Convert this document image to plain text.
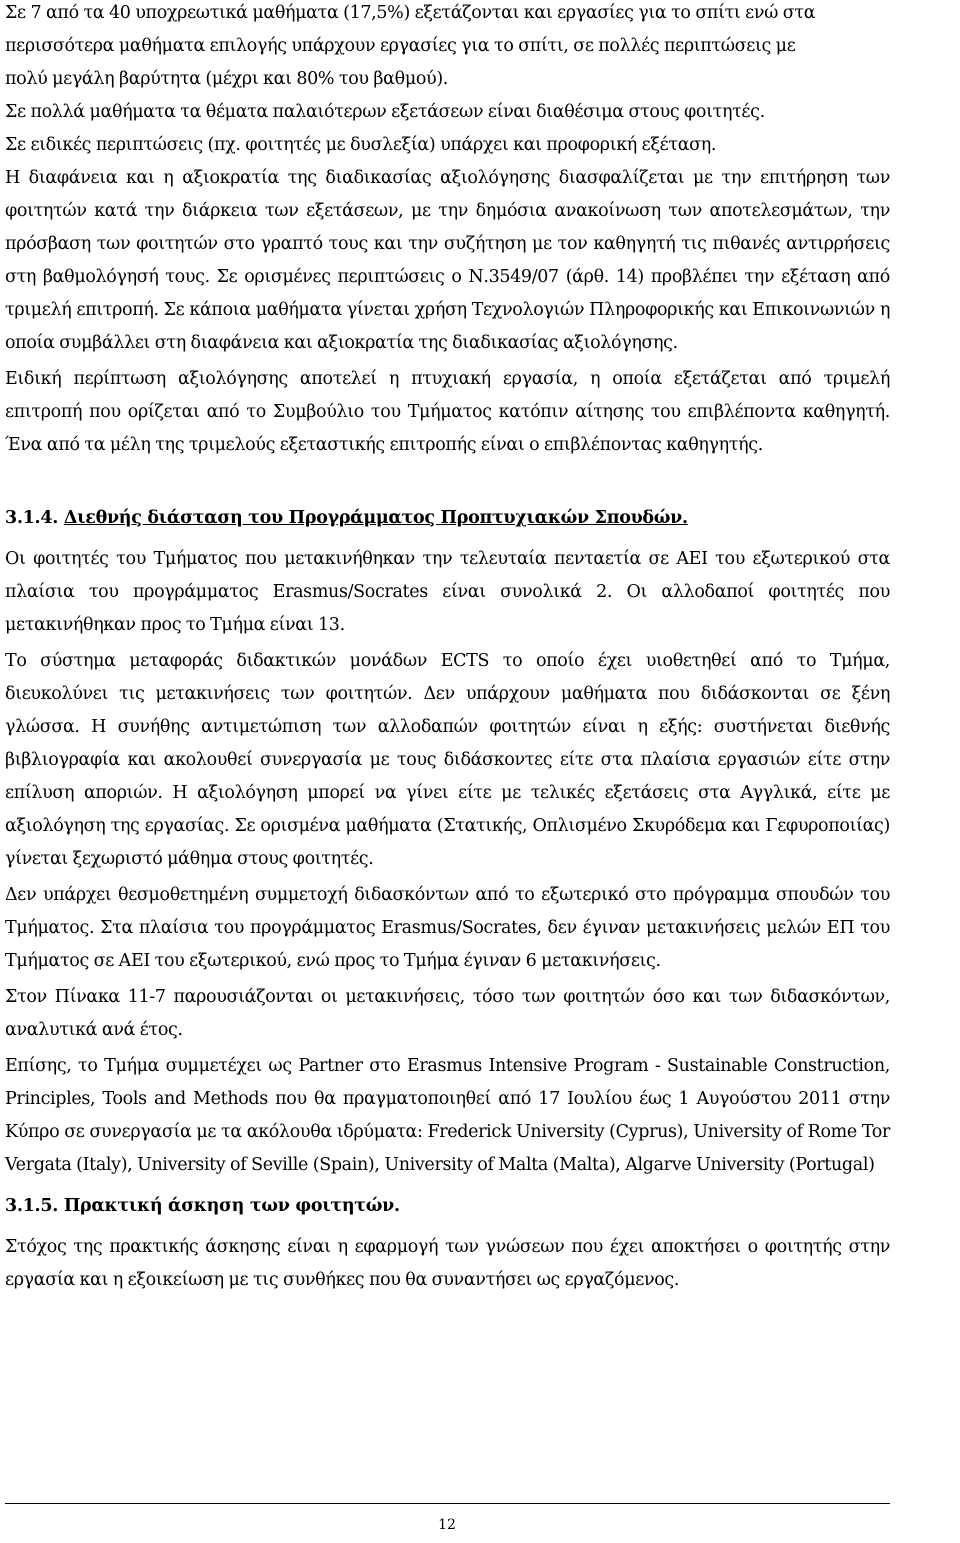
Σε 7 από τα 40 υποχρεωτικά μαθήματα (17,5%) εξετάζονται και εργασίες για το σπίτι ενώ στα
περισσότερα μαθήματα επιλογής υπάρχουν εργασίες για το σπίτι, σε πολλές περιπτώσεις με
πολύ μεγάλη βαρύτητα (μέχρι και 80% του βαθμού).
Σε πολλά μαθήματα τα θέματα παλαιότερων εξετάσεων είναι διαθέσιμα στους φοιτητές.
Σε ειδικές περιπτώσεις (πχ. φοιτητές με δυσλεξία) υπάρχει και προφορική εξέταση.

Η διαφάνεια και η αξιοκρατία της διαδικασίας αξιολόγησης διασφαλίζεται με την επιτήρηση των φοιτητών κατά την διάρκεια των εξετάσεων, με την δημόσια ανακοίνωση των αποτελεσμάτων, την πρόσβαση των φοιτητών στο γραπτό τους και την συζήτηση με τον καθηγητή τις πιθανές αντιρρήσεις στη βαθμολόγησή τους. Σε ορισμένες περιπτώσεις ο Ν.3549/07 (άρθ. 14) προβλέπει την εξέταση από τριμελή επιτροπή. Σε κάποια μαθήματα γίνεται χρήση Τεχνολογιών Πληροφορικής και Επικοινωνιών η οποία συμβάλλει στη διαφάνεια και αξιοκρατία της διαδικασίας αξιολόγησης.

Ειδική περίπτωση αξιολόγησης αποτελεί η πτυχιακή εργασία, η οποία εξετάζεται από τριμελή επιτροπή που ορίζεται από το Συμβούλιο του Τμήματος κατόπιν αίτησης του επιβλέποντα καθηγητή. Ένα από τα μέλη της τριμελούς εξεταστικής επιτροπής είναι ο επιβλέποντας καθηγητής.

3.1.4. Διεθνής διάσταση του Προγράμματος Προπτυχιακών Σπουδών.

Οι φοιτητές του Τμήματος που μετακινήθηκαν την τελευταία πενταετία σε ΑΕΙ του εξωτερικού στα πλαίσια του προγράμματος Erasmus/Socrates είναι συνολικά 2. Οι αλλοδαποί φοιτητές που μετακινήθηκαν προς το Τμήμα είναι 13.

Το σύστημα μεταφοράς διδακτικών μονάδων ECTS το οποίο έχει υιοθετηθεί από το Τμήμα, διευκολύνει τις μετακινήσεις των φοιτητών. Δεν υπάρχουν μαθήματα που διδάσκονται σε ξένη γλώσσα. Η συνήθης αντιμετώπιση των αλλοδαπών φοιτητών είναι η εξής: συστήνεται διεθνής βιβλιογραφία και ακολουθεί συνεργασία με τους διδάσκοντες είτε στα πλαίσια εργασιών είτε στην επίλυση αποριών. Η αξιολόγηση μπορεί να γίνει είτε με τελικές εξετάσεις στα Αγγλικά, είτε με αξιολόγηση της εργασίας. Σε ορισμένα μαθήματα (Στατικής, Οπλισμένο Σκυρόδεμα και Γεφυροποιίας) γίνεται ξεχωριστό μάθημα στους φοιτητές.

Δεν υπάρχει θεσμοθετημένη συμμετοχή διδασκόντων από το εξωτερικό στο πρόγραμμα σπουδών του Τμήματος. Στα πλαίσια του προγράμματος Erasmus/Socrates, δεν έγιναν μετακινήσεις μελών ΕΠ του Τμήματος σε ΑΕΙ του εξωτερικού, ενώ προς το Τμήμα έγιναν 6 μετακινήσεις.

Στον Πίνακα 11-7 παρουσιάζονται οι μετακινήσεις, τόσο των φοιτητών όσο και των διδασκόντων, αναλυτικά ανά έτος.

Επίσης, το Τμήμα συμμετέχει ως Partner στο Erasmus Intensive Program - Sustainable Construction, Principles, Tools and Methods που θα πραγματοποιηθεί από 17 Ιουλίου έως 1 Αυγούστου 2011 στην Κύπρο σε συνεργασία με τα ακόλουθα ιδρύματα: Frederick University (Cyprus), University of Rome Tor Vergata (Italy), University of Seville (Spain), University of Malta (Malta), Algarve University (Portugal)

3.1.5. Πρακτική άσκηση των φοιτητών.

Στόχος της πρακτικής άσκησης είναι η εφαρμογή των γνώσεων που έχει αποκτήσει ο φοιτητής στην εργασία και η εξοικείωση με τις συνθήκες που θα συναντήσει ως εργαζόμενος.

12
